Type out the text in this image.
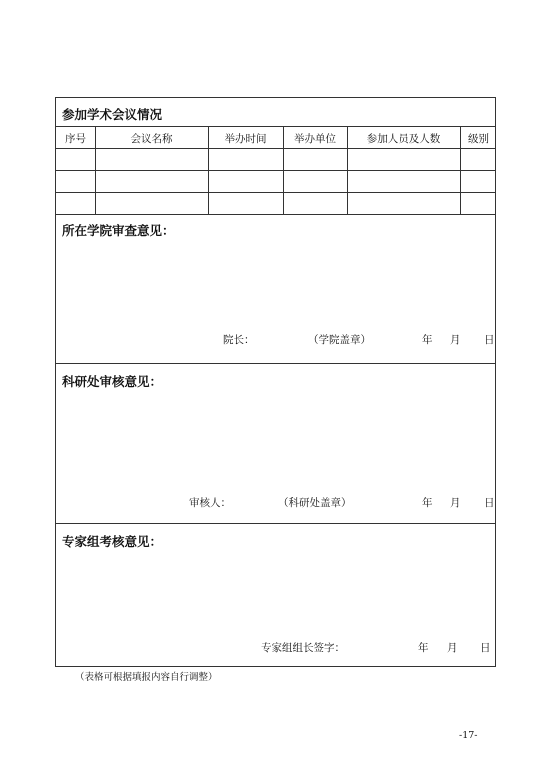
参加学术会议情况
序号	会议名称	举办时间	举办单位	参加人员及人数	级别
所在学院审查意见：
院长：	（学院盖章）	年 月 日
科研处审核意见：
审核人：	（科研处盖章）	年 月 日
专家组考核意见：
专家组组长签字：	年 月 日
（表格可根据填报内容自行调整）
-17-
